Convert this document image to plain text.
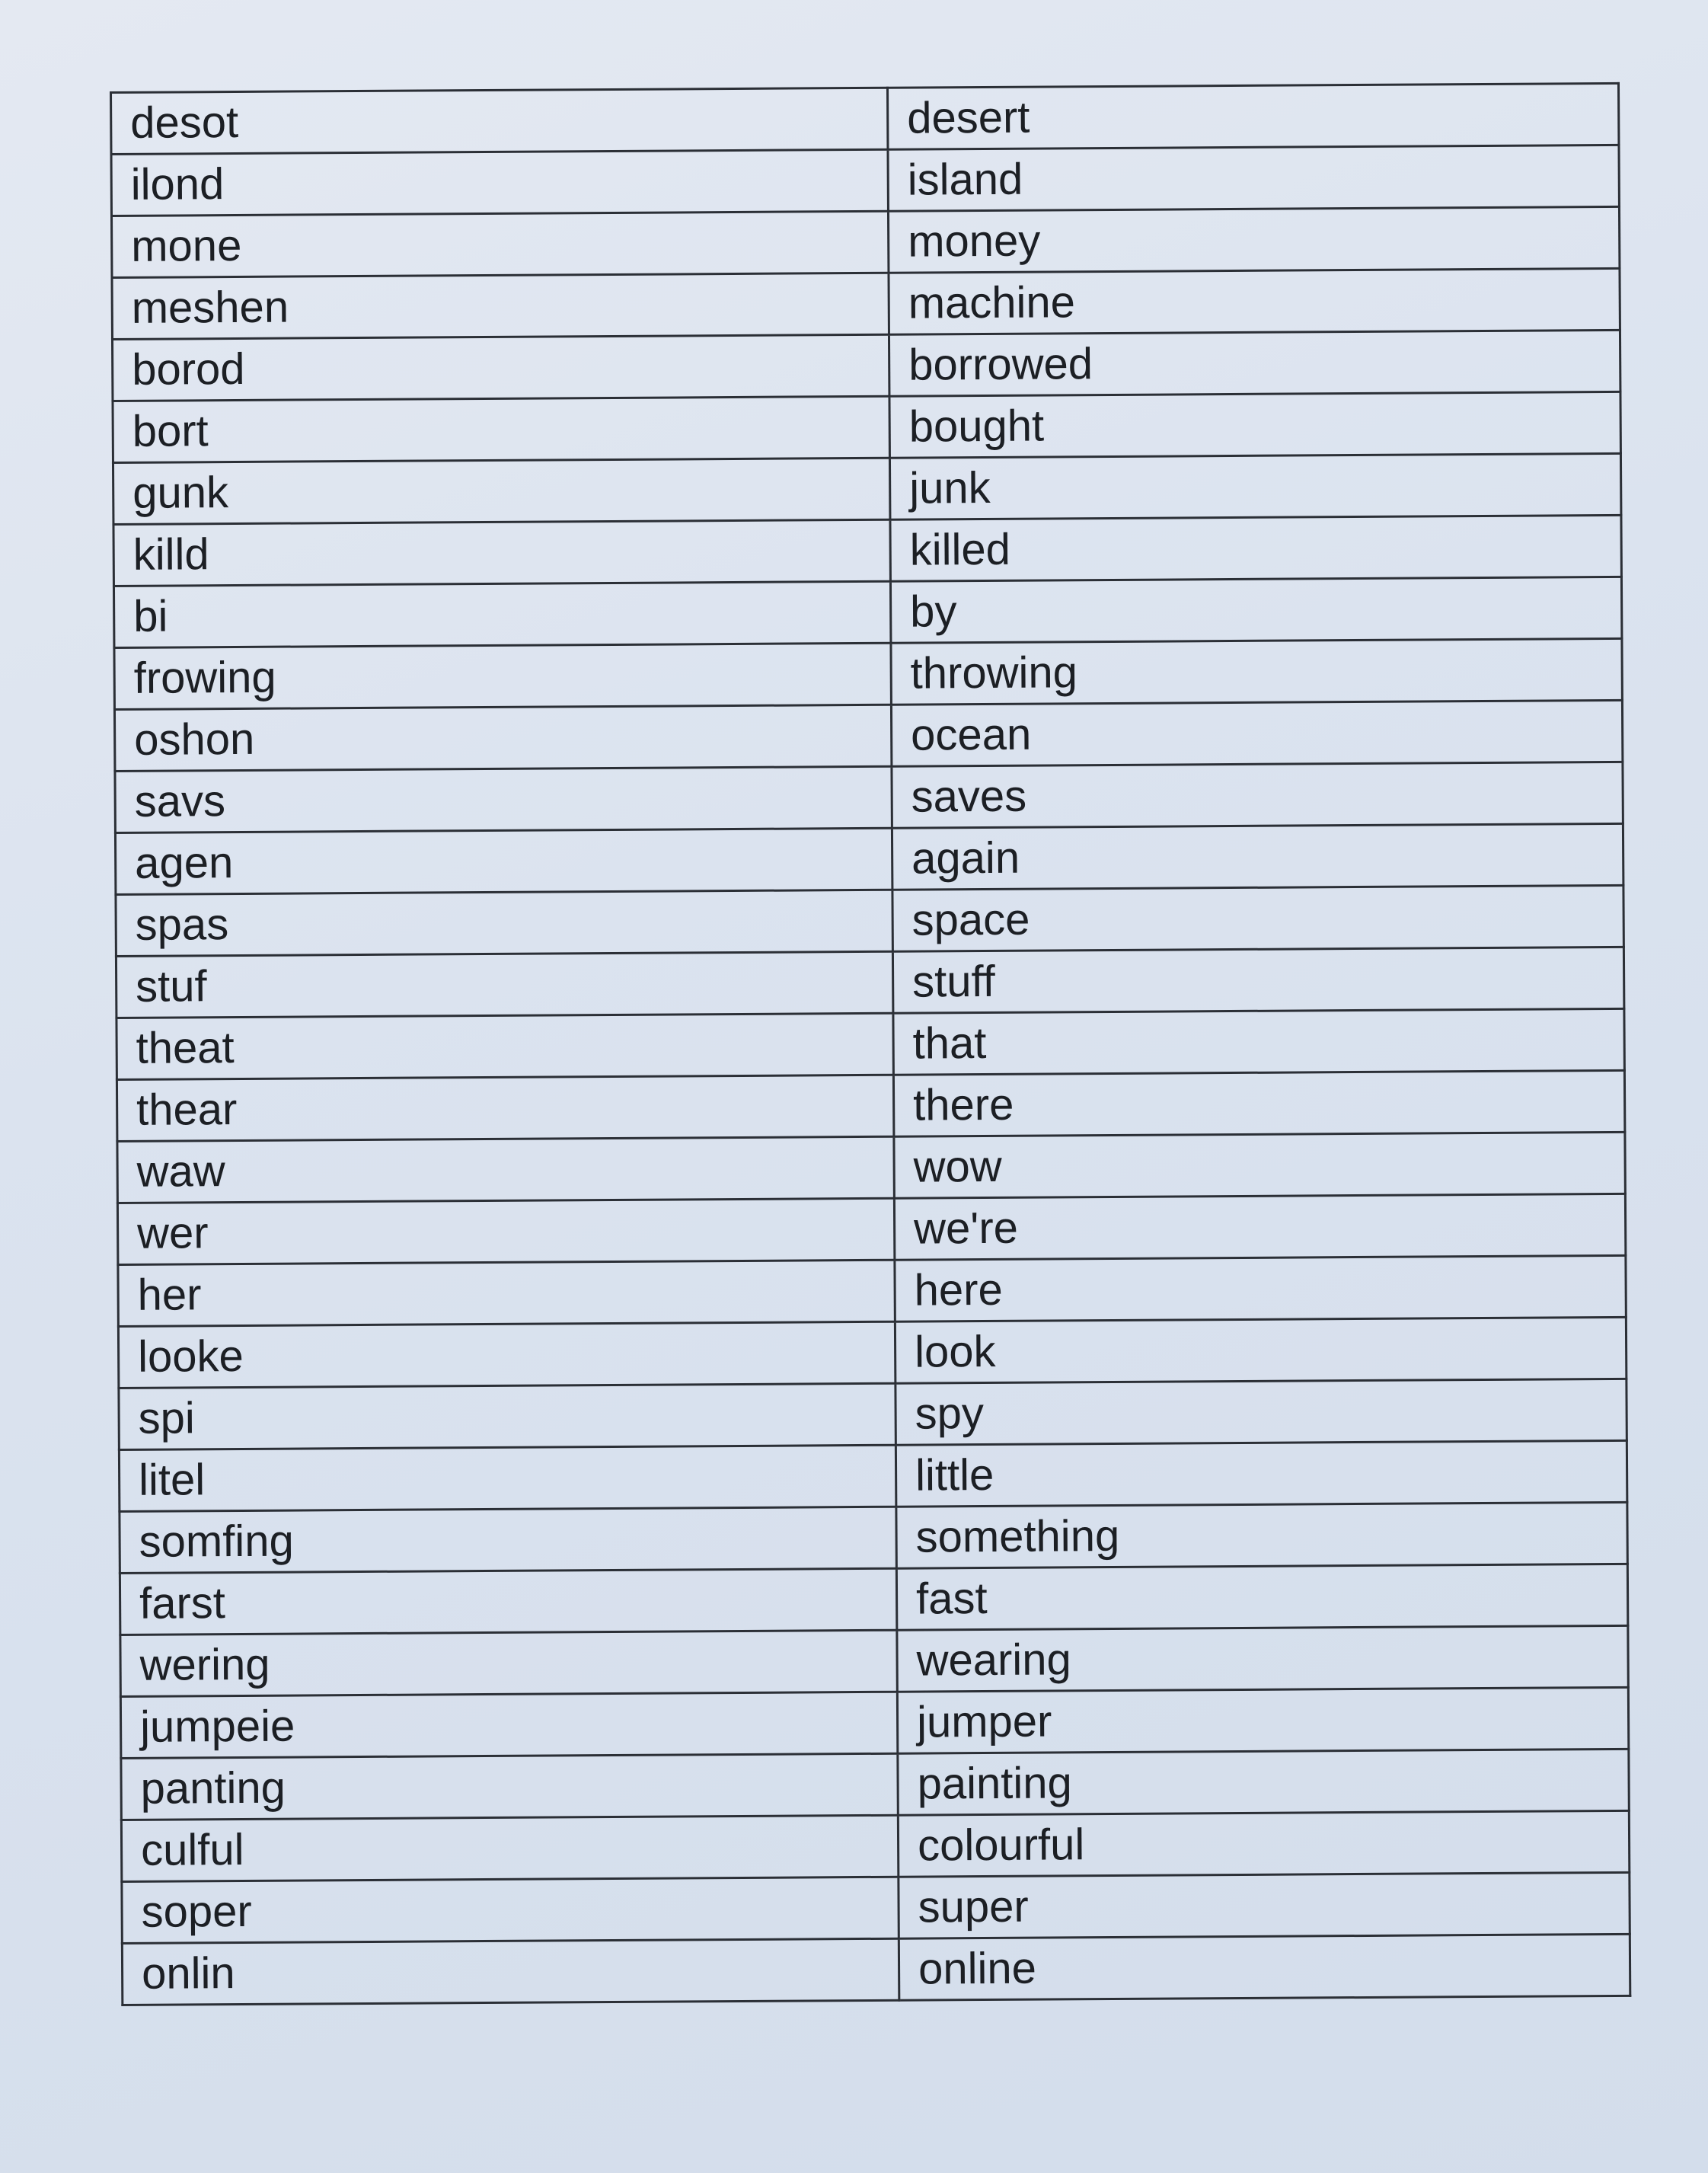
desot	desert
ilond	island
mone	money
meshen	machine
borod	borrowed
bort	bought
gunk	junk
killd	killed
bi	by
frowing	throwing
oshon	ocean
savs	saves
agen	again
spas	space
stuf	stuff
theat	that
thear	there
waw	wow
wer	we're
her	here
looke	look
spi	spy
litel	little
somfing	something
farst	fast
wering	wearing
jumpeie	jumper
panting	painting
culful	colourful
soper	super
onlin	online
